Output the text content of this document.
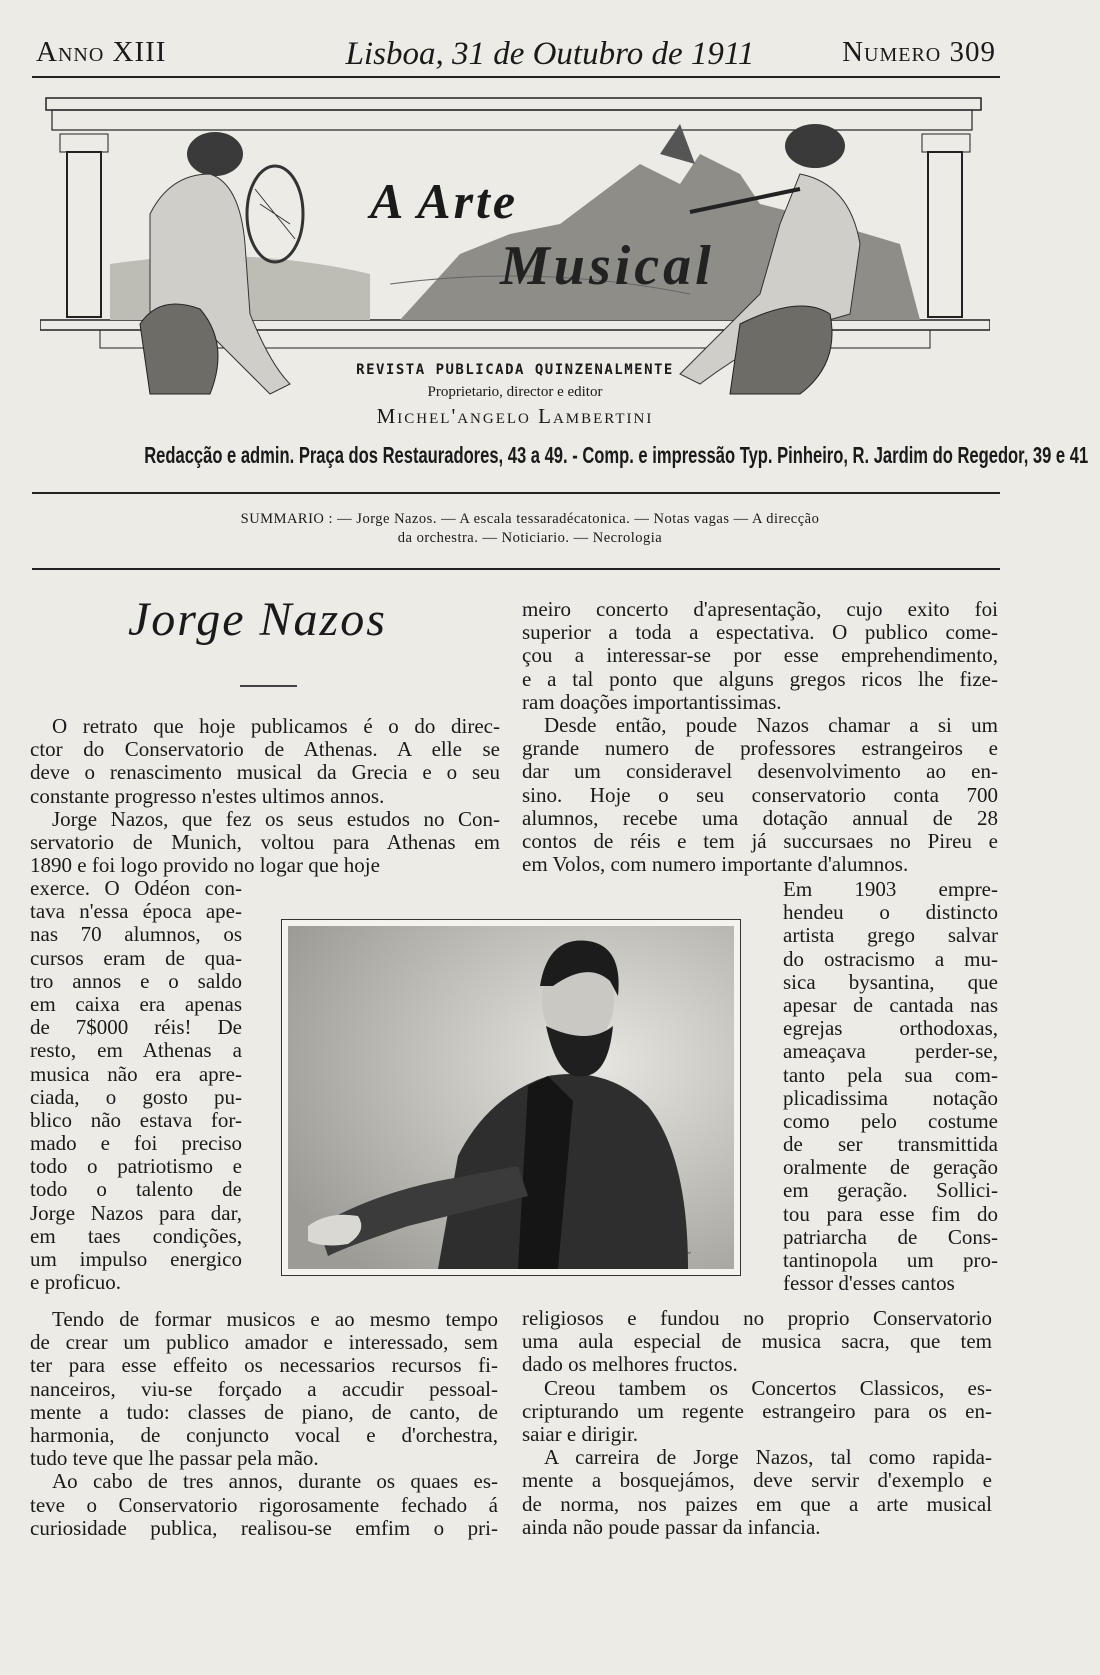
Anno XIII	Lisboa, 31 de Outubro de 1911	Numero 309
A Arte
Musical
REVISTA PUBLICADA QUINZENALMENTE
Proprietario, director e editor
Michel'angelo Lambertini
Redacção e admin. Praça dos Restauradores, 43 a 49. - Comp. e impressão Typ. Pinheiro, R. Jardim do Regedor, 39 e 41
SUMMARIO : — Jorge Nazos. — A escala tessaradécatonica. — Notas vagas — A direcção
da orchestra. — Noticiario. — Necrologia
Jorge Nazos
O retrato que hoje publicamos é o do direc-
ctor do Conservatorio de Athenas. A elle se
deve o renascimento musical da Grecia e o seu
constante progresso n'estes ultimos annos.
Jorge Nazos, que fez os seus estudos no Con-
servatorio de Munich, voltou para Athenas em
1890 e foi logo provido no logar que hoje
exerce. O Odéon con-
tava n'essa época ape-
nas 70 alumnos, os
cursos eram de qua-
tro annos e o saldo
em caixa era apenas
de 7$000 réis! De
resto, em Athenas a
musica não era apre-
ciada, o gosto pu-
blico não estava for-
mado e foi preciso
todo o patriotismo e
todo o talento de
Jorge Nazos para dar,
em taes condições,
um impulso energico
e proficuo.
Tendo de formar musicos e ao mesmo tempo
de crear um publico amador e interessado, sem
ter para esse effeito os necessarios recursos fi-
nanceiros, viu-se forçado a accudir pessoal-
mente a tudo: classes de piano, de canto, de
harmonia, de conjuncto vocal e d'orchestra,
tudo teve que lhe passar pela mão.
Ao cabo de tres annos, durante os quaes es-
teve o Conservatorio rigorosamente fechado á
curiosidade publica, realisou-se emfim o pri-
meiro concerto d'apresentação, cujo exito foi
superior a toda a espectativa. O publico come-
çou a interessar-se por esse emprehendimento,
e a tal ponto que alguns gregos ricos lhe fize-
ram doações importantissimas.
Desde então, poude Nazos chamar a si um
grande numero de professores estrangeiros e
dar um consideravel desenvolvimento ao en-
sino. Hoje o seu conservatorio conta 700
alumnos, recebe uma dotação annual de 28
contos de réis e tem já succursaes no Pireu e
em Volos, com numero importante d'alumnos.
Em 1903 empre-
hendeu o distincto
artista grego salvar
do ostracismo a mu-
sica bysantina, que
apesar de cantada nas
egrejas orthodoxas,
ameaçava perder-se,
tanto pela sua com-
plicadissima notação
como pelo costume
de ser transmittida
oralmente de geração
em geração. Sollici-
tou para esse fim do
patriarcha de Cons-
tantinopola um pro-
fessor d'esses cantos
religiosos e fundou no proprio Conservatorio
uma aula especial de musica sacra, que tem
dado os melhores fructos.
Creou tambem os Concertos Classicos, es-
cripturando um regente estrangeiro para os en-
saiar e dirigir.
A carreira de Jorge Nazos, tal como rapida-
mente a bosquejámos, deve servir d'exemplo e
de norma, nos paizes em que a arte musical
ainda não poude passar da infancia.
~~
